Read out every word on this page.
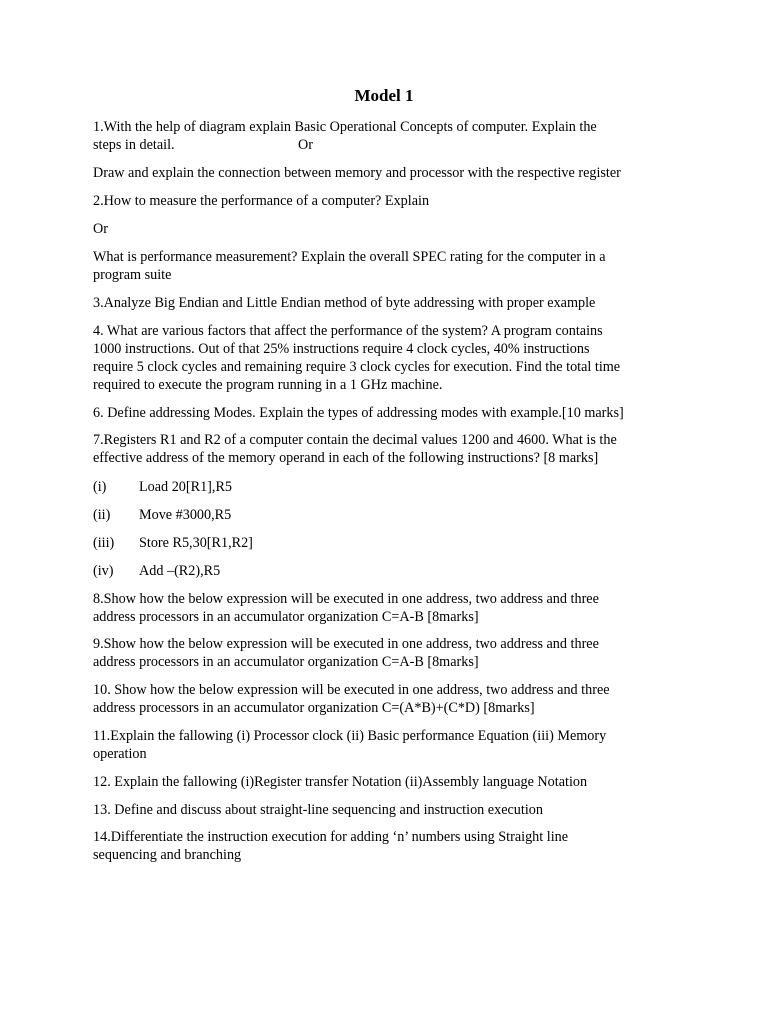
Model 1
1.With the help of diagram explain Basic Operational Concepts of computer. Explain the
steps in detail.	Or
Draw and explain the connection between memory and processor with the respective register
2.How to measure the performance of a computer? Explain
Or
What is performance measurement? Explain the overall SPEC rating for the computer in a
program suite
3.Analyze Big Endian and Little Endian method of byte addressing with proper example
4. What are various factors that affect the performance of the system? A program contains
1000 instructions. Out of that 25% instructions require 4 clock cycles, 40% instructions
require 5 clock cycles and remaining require 3 clock cycles for execution. Find the total time
required to execute the program running in a 1 GHz machine.
6. Define addressing Modes. Explain the types of addressing modes with example.[10 marks]
7.Registers R1 and R2 of a computer contain the decimal values 1200 and 4600. What is the
effective address of the memory operand in each of the following instructions? [8 marks]
(i) Load 20[R1],R5
(ii) Move #3000,R5
(iii) Store R5,30[R1,R2]
(iv) Add –(R2),R5
8.Show how the below expression will be executed in one address, two address and three
address processors in an accumulator organization C=A-B [8marks]
9.Show how the below expression will be executed in one address, two address and three
address processors in an accumulator organization C=A-B [8marks]
10. Show how the below expression will be executed in one address, two address and three
address processors in an accumulator organization C=(A*B)+(C*D) [8marks]
11.Explain the fallowing (i) Processor clock (ii) Basic performance Equation (iii) Memory
operation
12. Explain the fallowing (i)Register transfer Notation (ii)Assembly language Notation
13. Define and discuss about straight-line sequencing and instruction execution
14.Differentiate the instruction execution for adding ‘n’ numbers using Straight line
sequencing and branching
